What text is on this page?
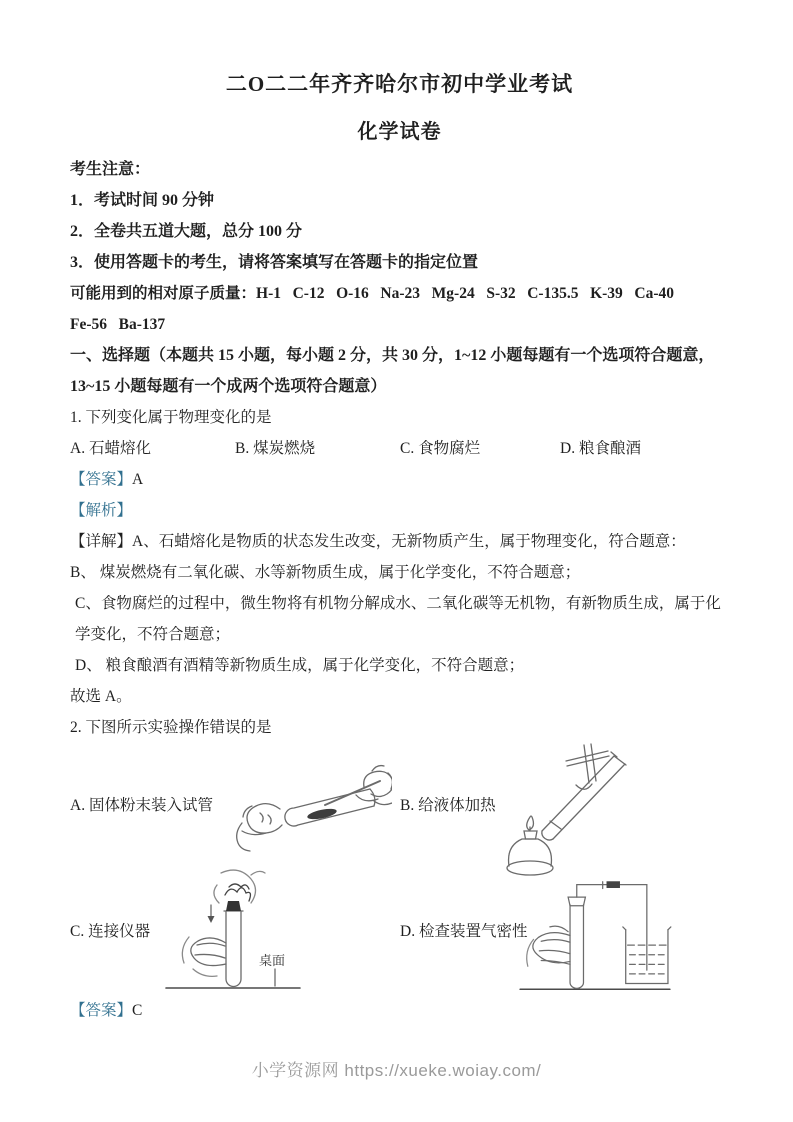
二O二二年齐齐哈尔市初中学业考试
化学试卷

考生注意：

1．考试时间 90 分钟

2．全卷共五道大题，总分 100 分

3．使用答题卡的考生，请将答案填写在答题卡的指定位置

可能用到的相对原子质量：H-1   C-12   O-16   Na-23   Mg-24   S-32   C-135.5   K-39   Ca-40

Fe-56   Ba-137

一、选择题（本题共 15 小题，每小题 2 分，共 30 分，1~12 小题每题有一个选项符合题意，13~15 小题每题有一个成两个选项符合题意）

1. 下列变化属于物理变化的是

A. 石蜡熔化	B. 煤炭燃烧	C. 食物腐烂	D. 粮食酿酒

【答案】A

【解析】

【详解】A、石蜡熔化是物质的状态发生改变，无新物质产生，属于物理变化，符合题意：

B、 煤炭燃烧有二氧化碳、水等新物质生成，属于化学变化，不符合题意；

C、食物腐烂的过程中，微生物将有机物分解成水、二氧化碳等无机物，有新物质生成，属于化学变化，不符合题意；

D、 粮食酿酒有酒精等新物质生成，属于化学变化，不符合题意；

故选 A。

2. 下图所示实验操作错误的是

A. 固体粉末装入试管	B. 给液体加热
C. 连接仪器
桌面
D. 检查装置气密性

【答案】C

小学资源网 https://xueke.woiay.com/
